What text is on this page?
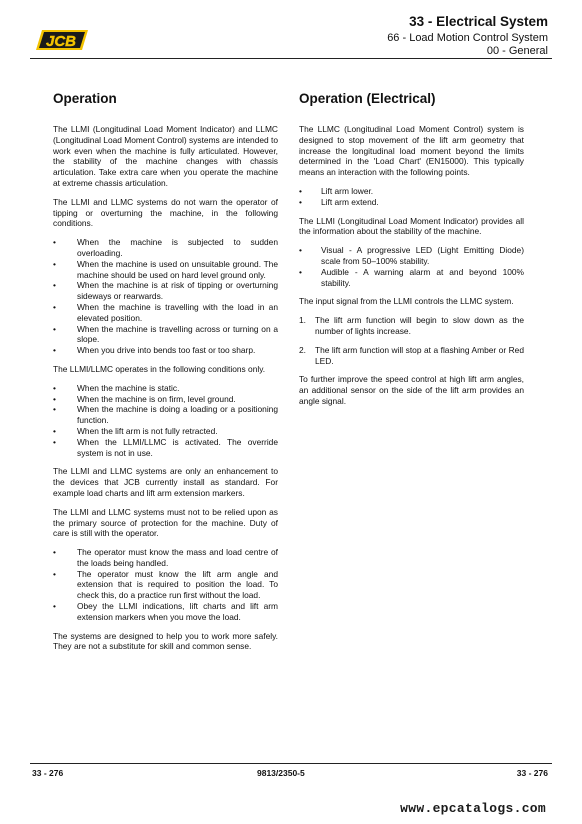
JCB
33 - Electrical System
66 - Load Motion Control System
00 - General
Operation

The LLMI (Longitudinal Load Moment Indicator) and LLMC (Longitudinal Load Moment Control) systems are intended to work even when the machine is fully articulated. However, the stability of the machine changes with chassis articulation. Take extra care when you operate the machine at extreme chassis articulation.

The LLMI and LLMC systems do not warn the operator of tipping or overturning the machine, in the following conditions.

•	When the machine is subjected to sudden overloading.
•	When the machine is used on unsuitable ground. The machine should be used on hard level ground only.
•	When the machine is at risk of tipping or overturning sideways or rearwards.
•	When the machine is travelling with the load in an elevated position.
•	When the machine is travelling across or turning on a slope.
•	When you drive into bends too fast or too sharp.

The LLMI/LLMC operates in the following conditions only.

•	When the machine is static.
•	When the machine is on firm, level ground.
•	When the machine is doing a loading or a positioning function.
•	When the lift arm is not fully retracted.
•	When the LLMI/LLMC is activated. The override system is not in use.

The LLMI and LLMC systems are only an enhancement to the devices that JCB currently install as standard. For example load charts and lift arm extension markers.

The LLMI and LLMC systems must not to be relied upon as the primary source of protection for the machine. Duty of care is still with the operator.

•	The operator must know the mass and load centre of the loads being handled.
•	The operator must know the lift arm angle and extension that is required to position the load. To check this, do a practice run first without the load.
•	Obey the LLMI indications, lift charts and lift arm extension markers when you move the load.

The systems are designed to help you to work more safely. They are not a substitute for skill and common sense.

Operation (Electrical)

The LLMC (Longitudinal Load Moment Control) system is designed to stop movement of the lift arm geometry that increase the longitudinal load moment beyond the limits determined in the 'Load Chart' (EN15000). This typically means an interaction with the following points.

• Lift arm lower.
• Lift arm extend.

The LLMI (Longitudinal Load Moment Indicator) provides all the information about the stability of the machine.

• Visual - A progressive LED (Light Emitting Diode) scale from 50–100% stability.
• Audible - A warning alarm at and beyond 100% stability.

The input signal from the LLMI controls the LLMC system.

1. The lift arm function will begin to slow down as the number of lights increase.
2. The lift arm function will stop at a flashing Amber or Red LED.

To further improve the speed control at high lift arm angles, an additional sensor on the side of the lift arm provides an angle signal.

33 - 276	9813/2350-5	33 - 276
www.epcatalogs.com
